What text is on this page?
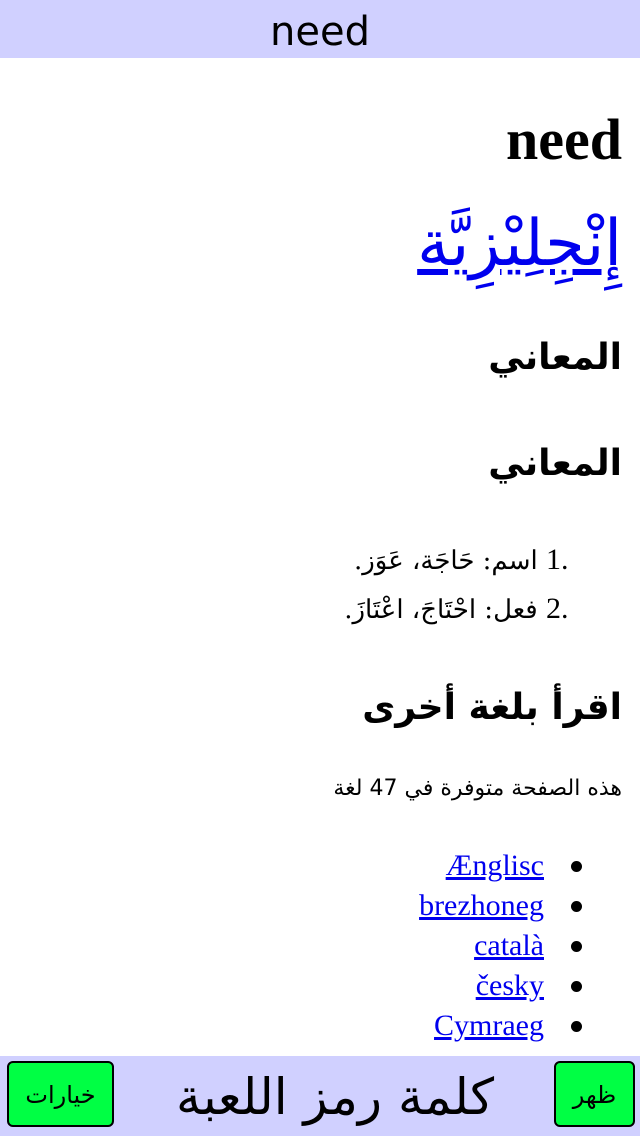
need
need
إِنْجِلِيْزِيَّة
المعاني
المعاني
1. اسم: حَاجَة، عَوَز.
2. فعل: احْتَاجَ، اعْتَازَ.
اقرأ بلغة أخرى
هذه الصفحة متوفرة في 47 لغة
Ænglisc
brezhoneg
català
česky
Cymraeg
خيارات	كلمة رمز اللعبة	ظهر
